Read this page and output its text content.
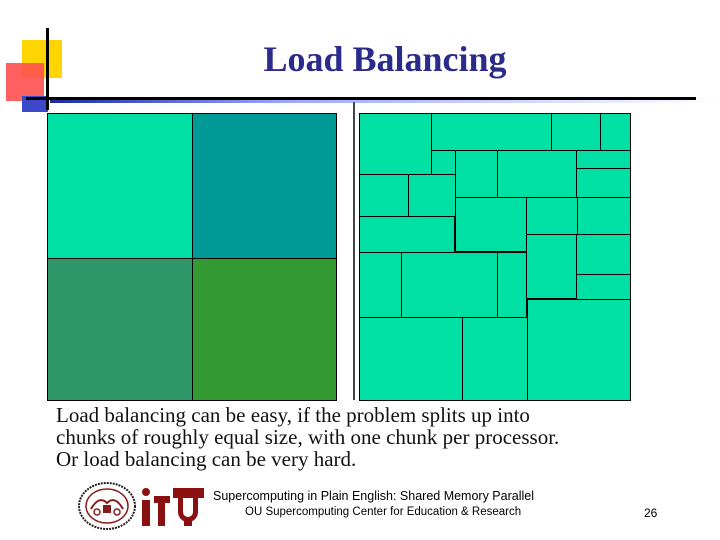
Load Balancing
Load balancing can be easy, if the problem splits up into
chunks of roughly equal size, with one chunk per processor.
Or load balancing can be very hard.
Supercomputing in Plain English: Shared Memory Parallel
OU Supercomputing Center for Education & Research	26
